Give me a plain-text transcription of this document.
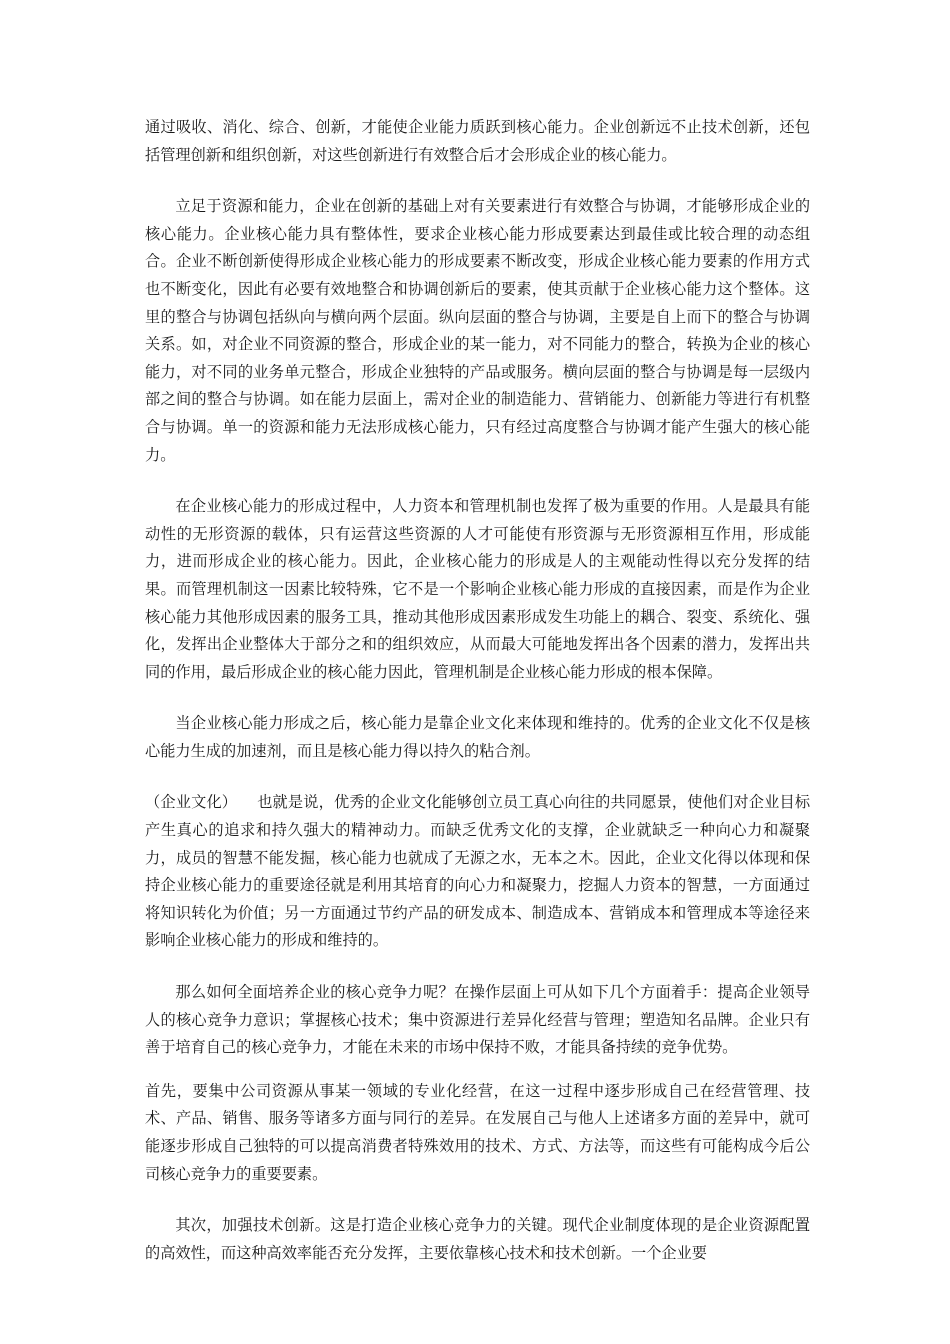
通过吸收、消化、综合、创新，才能使企业能力质跃到核心能力。企业创新远不止技术创新，还包括管理创新和组织创新，对这些创新进行有效整合后才会形成企业的核心能力。

立足于资源和能力，企业在创新的基础上对有关要素进行有效整合与协调，才能够形成企业的核心能力。企业核心能力具有整体性，要求企业核心能力形成要素达到最佳或比较合理的动态组合。企业不断创新使得形成企业核心能力的形成要素不断改变，形成企业核心能力要素的作用方式也不断变化，因此有必要有效地整合和协调创新后的要素，使其贡献于企业核心能力这个整体。这里的整合与协调包括纵向与横向两个层面。纵向层面的整合与协调，主要是自上而下的整合与协调关系。如，对企业不同资源的整合，形成企业的某一能力，对不同能力的整合，转换为企业的核心能力，对不同的业务单元整合，形成企业独特的产品或服务。横向层面的整合与协调是每一层级内部之间的整合与协调。如在能力层面上，需对企业的制造能力、营销能力、创新能力等进行有机整合与协调。单一的资源和能力无法形成核心能力，只有经过高度整合与协调才能产生强大的核心能力。

在企业核心能力的形成过程中，人力资本和管理机制也发挥了极为重要的作用。人是最具有能动性的无形资源的载体，只有运营这些资源的人才可能使有形资源与无形资源相互作用，形成能力，进而形成企业的核心能力。因此，企业核心能力的形成是人的主观能动性得以充分发挥的结果。而管理机制这一因素比较特殊，它不是一个影响企业核心能力形成的直接因素，而是作为企业核心能力其他形成因素的服务工具，推动其他形成因素形成发生功能上的耦合、裂变、系统化、强化，发挥出企业整体大于部分之和的组织效应，从而最大可能地发挥出各个因素的潜力，发挥出共同的作用，最后形成企业的核心能力因此，管理机制是企业核心能力形成的根本保障。

当企业核心能力形成之后，核心能力是靠企业文化来体现和维持的。优秀的企业文化不仅是核心能力生成的加速剂，而且是核心能力得以持久的粘合剂。

（企业文化） 也就是说，优秀的企业文化能够创立员工真心向往的共同愿景，使他们对企业目标产生真心的追求和持久强大的精神动力。而缺乏优秀文化的支撑，企业就缺乏一种向心力和凝聚力，成员的智慧不能发掘，核心能力也就成了无源之水，无本之木。因此，企业文化得以体现和保持企业核心能力的重要途径就是利用其培育的向心力和凝聚力，挖掘人力资本的智慧，一方面通过将知识转化为价值；另一方面通过节约产品的研发成本、制造成本、营销成本和管理成本等途径来影响企业核心能力的形成和维持的。

那么如何全面培养企业的核心竞争力呢？在操作层面上可从如下几个方面着手：提高企业领导人的核心竞争力意识；掌握核心技术；集中资源进行差异化经营与管理；塑造知名品牌。企业只有善于培育自己的核心竞争力，才能在未来的市场中保持不败，才能具备持续的竞争优势。

首先，要集中公司资源从事某一领域的专业化经营，在这一过程中逐步形成自己在经营管理、技术、产品、销售、服务等诸多方面与同行的差异。在发展自己与他人上述诸多方面的差异中，就可能逐步形成自己独特的可以提高消费者特殊效用的技术、方式、方法等，而这些有可能构成今后公司核心竞争力的重要要素。

其次，加强技术创新。这是打造企业核心竞争力的关键。现代企业制度体现的是企业资源配置的高效性，而这种高效率能否充分发挥，主要依靠核心技术和技术创新。一个企业要
